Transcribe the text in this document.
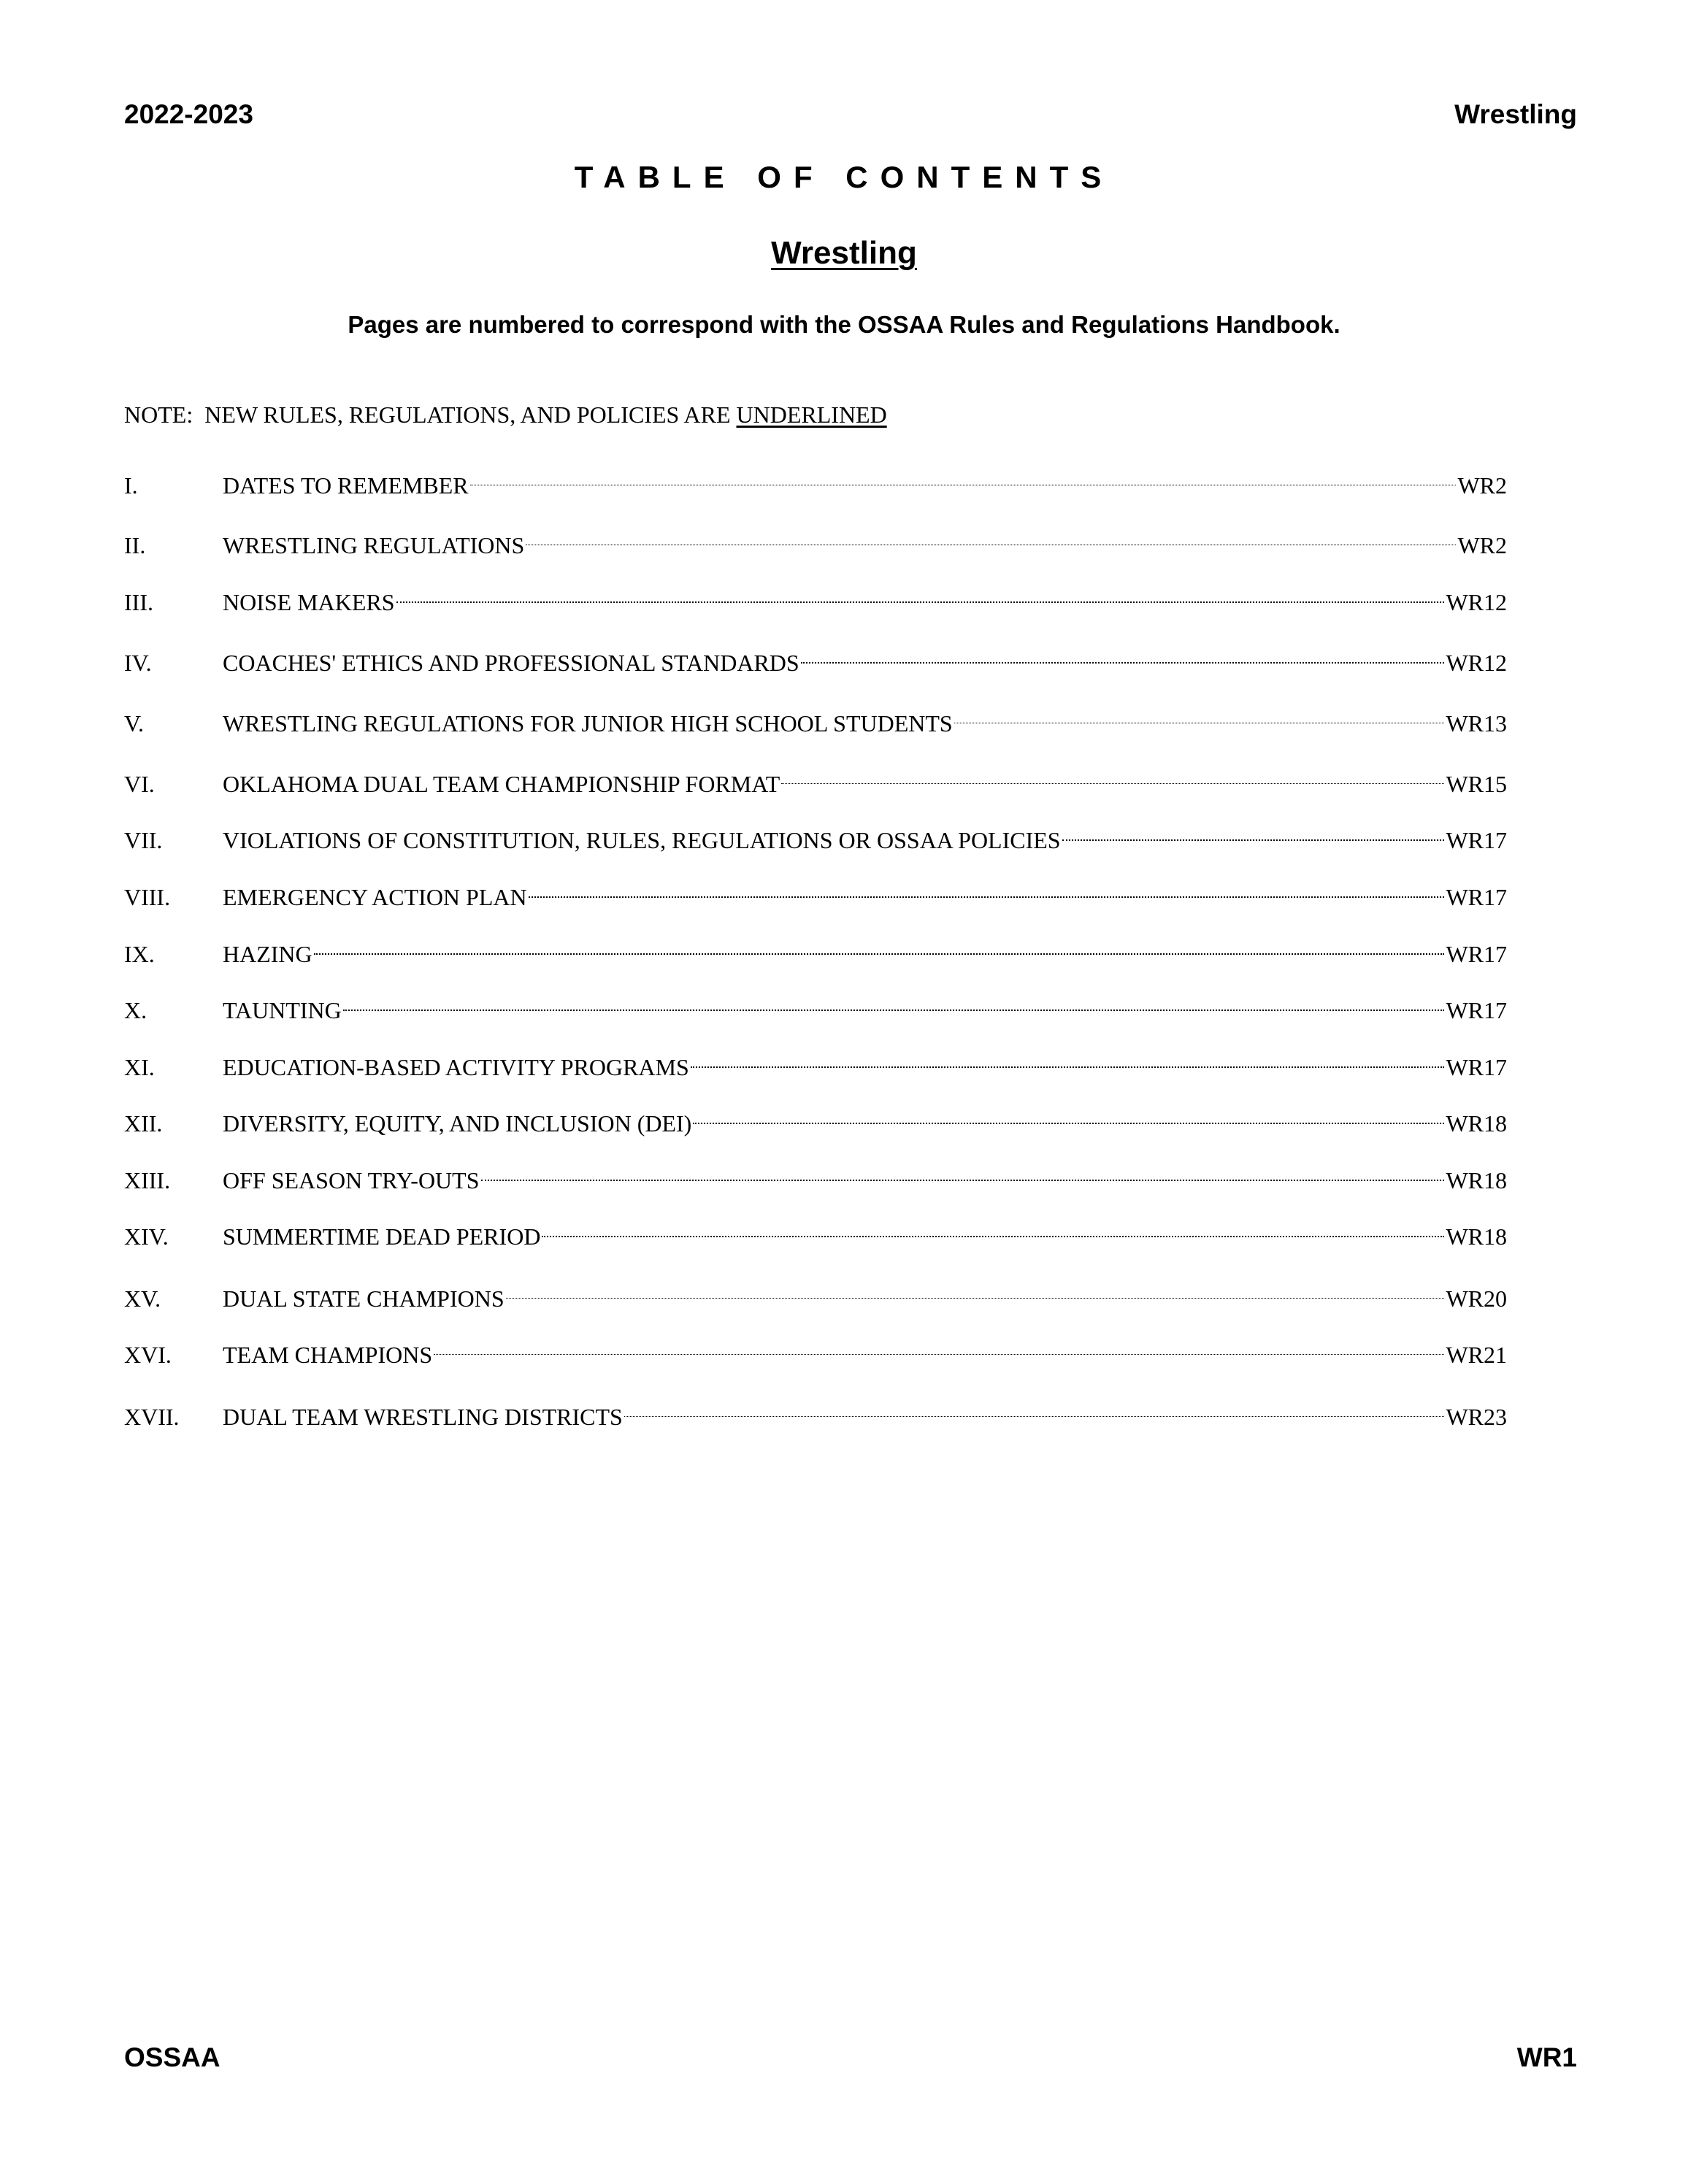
2022-2023	Wrestling
TABLE OF CONTENTS
Wrestling
Pages are numbered to correspond with the OSSAA Rules and Regulations Handbook.
NOTE:  NEW RULES, REGULATIONS, AND POLICIES ARE UNDERLINED
I.	DATES TO REMEMBER	WR2
II.	WRESTLING REGULATIONS	WR2
III.	NOISE MAKERS	WR12
IV.	COACHES' ETHICS AND PROFESSIONAL STANDARDS	WR12
V.	WRESTLING REGULATIONS FOR JUNIOR HIGH SCHOOL STUDENTS	WR13
VI.	OKLAHOMA DUAL TEAM CHAMPIONSHIP FORMAT	WR15
VII.	VIOLATIONS OF CONSTITUTION, RULES, REGULATIONS OR OSSAA POLICIES	WR17
VIII.	EMERGENCY ACTION PLAN	WR17
IX.	HAZING	WR17
X.	TAUNTING	WR17
XI.	EDUCATION-BASED ACTIVITY PROGRAMS	WR17
XII.	DIVERSITY, EQUITY, AND INCLUSION (DEI)	WR18
XIII.	OFF SEASON TRY-OUTS	WR18
XIV.	SUMMERTIME DEAD PERIOD	WR18
XV.	DUAL STATE CHAMPIONS	WR20
XVI.	TEAM CHAMPIONS	WR21
XVII.	DUAL TEAM WRESTLING DISTRICTS	WR23
OSSAA	WR1
